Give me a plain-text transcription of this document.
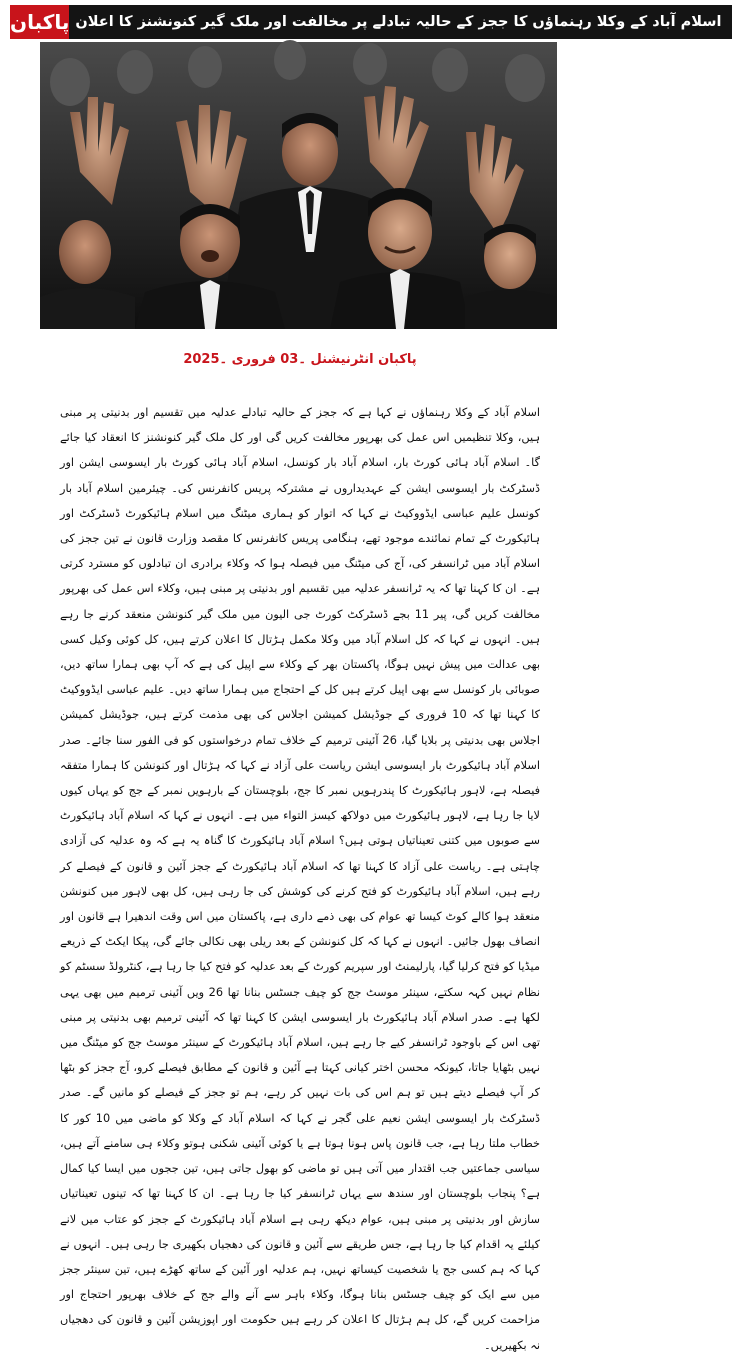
پاکبان اسلام آباد کے وکلا رہنماؤں کا ججز کے حالیہ تبادلے پر مخالفت اور ملک گیر کنونشنز کا اعلان
پاکبان انٹرنیشنل ۔03 فروری ۔2025

اسلام آباد کے وکلا رہنماؤں نے کہا ہے کہ ججز کے حالیہ تبادلے عدلیہ میں تقسیم اور بدنیتی پر مبنی ہیں، وکلا تنظیمیں اس عمل کی بھرپور مخالفت کریں گی اور کل ملک گیر کنونشنز کا انعقاد کیا جائے گا۔ اسلام آباد ہائی کورٹ بار، اسلام آباد بار کونسل، اسلام آباد ہائی کورٹ بار ایسوسی ایشن اور ڈسٹرکٹ بار ایسوسی ایشن کے عہدیداروں نے مشترکہ پریس کانفرنس کی۔ چیئرمین اسلام آباد بار کونسل علیم عباسی ایڈووکیٹ نے کہا کہ اتوار کو ہماری میٹنگ میں اسلام ہائیکورٹ ڈسٹرکٹ اور ہائیکورٹ کے تمام نمائندے موجود تھے، ہنگامی پریس کانفرنس کا مقصد وزارت قانون نے تین ججز کی اسلام آباد میں ٹرانسفر کی، آج کی میٹنگ میں فیصلہ ہوا کہ وکلاء برادری ان تبادلوں کو مسترد کرتی ہے۔ ان کا کہنا تھا کہ یہ ٹرانسفر عدلیہ میں تقسیم اور بدنیتی پر مبنی ہیں، وکلاء اس عمل کی بھرپور مخالفت کریں گی، پیر 11 بجے ڈسٹرکٹ کورٹ جی الیون میں ملک گیر کنونشن منعقد کرنے جا رہے ہیں۔ انہوں نے کہا کہ کل اسلام آباد میں وکلا مکمل ہڑتال کا اعلان کرتے ہیں، کل کوئی وکیل کسی بھی عدالت میں پیش نہیں ہوگا، پاکستان بھر کے وکلاء سے اپیل کی ہے کہ آپ بھی ہمارا ساتھ دیں، صوبائی بار کونسل سے بھی اپیل کرتے ہیں کل کے احتجاج میں ہمارا ساتھ دیں۔ علیم عباسی ایڈووکیٹ کا کہنا تھا کہ 10 فروری کے جوڈیشل کمیشن اجلاس کی بھی مذمت کرتے ہیں، جوڈیشل کمیشن اجلاس بھی بدنیتی پر بلایا گیا، 26 آئینی ترمیم کے خلاف تمام درخواستوں کو فی الفور سنا جائے۔ صدر اسلام آباد ہائیکورٹ بار ایسوسی ایشن ریاست علی آزاد نے کہا کہ ہڑتال اور کنونشن کا ہمارا متفقہ فیصلہ ہے، لاہور ہائیکورٹ کا پندرہویں نمبر کا جج، بلوچستان کے بارہویں نمبر کے جج کو یہاں کیوں لایا جا رہا ہے، لاہور ہائیکورٹ میں دولاکھ کیسز التواء میں ہے۔ انہوں نے کہا کہ اسلام آباد ہائیکورٹ سے صوبوں میں کتنی تعیناتیاں ہوتی ہیں؟ اسلام آباد ہائیکورٹ کا گناہ یہ ہے کہ وہ عدلیہ کی آزادی چاہتی ہے۔ ریاست علی آزاد کا کہنا تھا کہ اسلام آباد ہائیکورٹ کے ججز آئین و قانون کے فیصلے کر رہے ہیں، اسلام آباد ہائیکورٹ کو فتح کرنے کی کوشش کی جا رہی ہیں، کل بھی لاہور میں کنونشن منعقد ہوا کالے کوٹ کیسا تھ عوام کی بھی ذمے داری ہے، پاکستان میں اس وقت اندھیرا ہے قانون اور انصاف بھول جائیں۔ انہوں نے کہا کہ کل کنونشن کے بعد ریلی بھی نکالی جائے گی، پیکا ایکٹ کے ذریعے میڈیا کو فتح کرلیا گیا، پارلیمنٹ اور سپریم کورٹ کے بعد عدلیہ کو فتح کیا جا رہا ہے، کنٹرولڈ سسٹم کو نظام نہیں کہہ سکتے، سینئر موسٹ جج کو چیف جسٹس بنانا تھا 26 ویں آئینی ترمیم میں بھی یہی لکھا ہے۔ صدر اسلام آباد ہائیکورٹ بار ایسوسی ایشن کا کہنا تھا کہ آئینی ترمیم بھی بدنیتی پر مبنی تھی اس کے باوجود ٹرانسفر کیے جا رہے ہیں، اسلام آباد ہائیکورٹ کے سینئر موسٹ جج کو میٹنگ میں نہیں بٹھایا جاتا، کیونکہ محسن اختر کیانی کہتا ہے آئین و قانون کے مطابق فیصلے کرو، آج ججز کو بٹھا کر آپ فیصلے دیتے ہیں تو ہم اس کی بات نہیں کر رہے، ہم تو ججز کے فیصلے کو مانیں گے۔ صدر ڈسٹرکٹ بار ایسوسی ایشن نعیم علی گجر نے کہا کہ اسلام آباد کے وکلا کو ماضی میں 10 کور کا خطاب ملتا رہا ہے، جب قانون پاس ہونا ہوتا ہے یا کوئی آئینی شکنی ہوتو وکلاء ہی سامنے آتے ہیں، سیاسی جماعتیں جب اقتدار میں آتی ہیں تو ماضی کو بھول جاتی ہیں، تین ججوں میں ایسا کیا کمال ہے؟ پنجاب بلوچستان اور سندھ سے یہاں ٹرانسفر کیا جا رہا ہے۔ ان کا کہنا تھا کہ تینوں تعیناتیاں سازش اور بدنیتی پر مبنی ہیں، عوام دیکھ رہی ہے اسلام آباد ہائیکورٹ کے ججز کو عتاب میں لانے کیلئے یہ اقدام کیا جا رہا ہے، جس طریقے سے آئین و قانون کی دھجیاں بکھیری جا رہی ہیں۔ انہوں نے کہا کہ ہم کسی جج یا شخصیت کیساتھ نہیں، ہم عدلیہ اور آئین کے ساتھ کھڑے ہیں، تین سینئر ججز میں سے ایک کو چیف جسٹس بنانا ہوگا، وکلاء باہر سے آنے والے جج کے خلاف بھرپور احتجاج اور مزاحمت کریں گے، کل ہم ہڑتال کا اعلان کر رہے ہیں حکومت اور اپوزیشن آئین و قانون کی دھجیاں نہ بکھیریں۔
